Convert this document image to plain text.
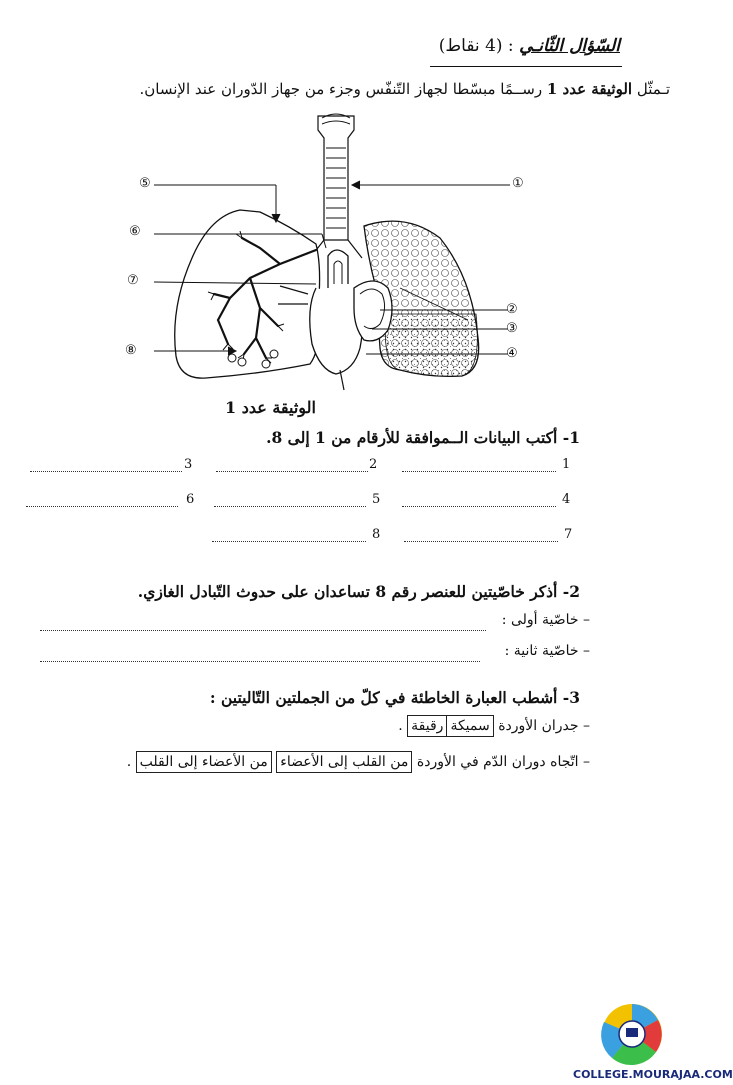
السّؤال الثّانـي : (4 نقاط)
تـمثّل الوثيقة عدد 1 رســمًا مبسّطا لجهاز التّنفّس وجزء من جهاز الدّوران عند الإنسان.
⑤
⑥
⑦
⑧
①
②
③
④
الوثيقة عدد 1
1- أكتب البيانات الــموافقة للأرقام من 1 إلى 8.
1
2
3
4
5
6
7
8
2- أذكر خاصّيتين للعنصر رقم 8 تساعدان على حدوث التّبادل الغازي.
– خاصّية أولى :
– خاصّية ثانية :
3- أشطب العبارة الخاطئة في كلّ من الجملتين التّاليتين :
– جدران الأوردة سميكةرقيقة .
– اتّجاه دوران الدّم في الأوردة من القلب إلى الأعضاء من الأعضاء إلى القلب .
COLLEGE.MOURAJAA.COM
